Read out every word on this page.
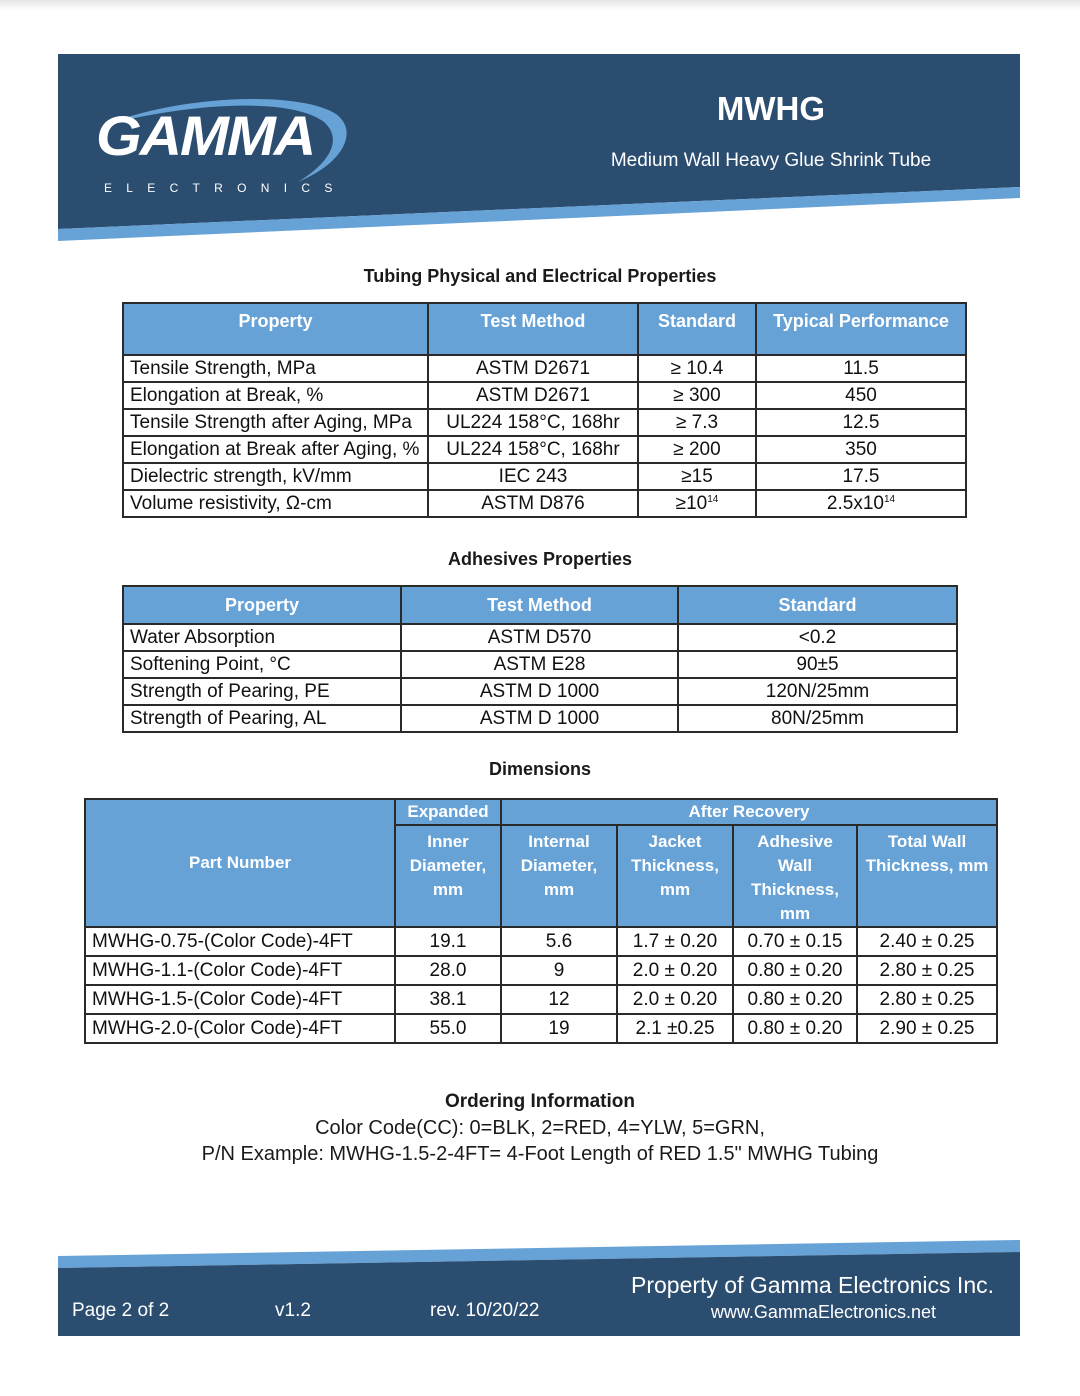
GAMMA
ELECTRONICS
MWHG
Medium Wall Heavy Glue Shrink Tube
Tubing Physical and Electrical Properties
Property	Test Method	Standard	Typical Performance
Tensile Strength, MPa	ASTM D2671	≥ 10.4	11.5
Elongation at Break, %	ASTM D2671	≥ 300	450
Tensile Strength after Aging, MPa	UL224 158°C, 168hr	≥ 7.3	12.5
Elongation at Break after Aging, %	UL224 158°C, 168hr	≥ 200	350
Dielectric strength, kV/mm	IEC 243	≥15	17.5
Volume resistivity, Ω-cm	ASTM D876	$\ge 10^{14}$	$2.5x10^{14}$
Adhesives Properties
Property	Test Method	Standard
Water Absorption	ASTM D570	<0.2
Softening Point, °C	ASTM E28	90±5
Strength of Pearing, PE	ASTM D 1000	120N/25mm
Strength of Pearing, AL	ASTM D 1000	80N/25mm
Dimensions
Part Number	Expanded	After Recovery			
	Inner Diameter, mm	Internal Diameter, mm	Jacket Thickness, mm	Adhesive Wall Thickness, mm	Total Wall Thickness, mm
MWHG-0.75-(Color Code)-4FT	19.1	5.6	1.7 ± 0.20	0.70 ± 0.15	2.40 ± 0.25
MWHG-1.1-(Color Code)-4FT	28.0	9	2.0 ± 0.20	0.80 ± 0.20	2.80 ± 0.25
MWHG-1.5-(Color Code)-4FT	38.1	12	2.0 ± 0.20	0.80 ± 0.20	2.80 ± 0.25
MWHG-2.0-(Color Code)-4FT	55.0	19	2.1 ±0.25	0.80 ± 0.20	2.90 ± 0.25
Ordering Information
Color Code(CC): 0=BLK, 2=RED, 4=YLW, 5=GRN,
P/N Example: MWHG-1.5-2-4FT= 4-Foot Length of RED 1.5" MWHG Tubing
Page 2 of 2	v1.2	rev. 10/20/22
Property of Gamma Electronics Inc.
www.GammaElectronics.net
